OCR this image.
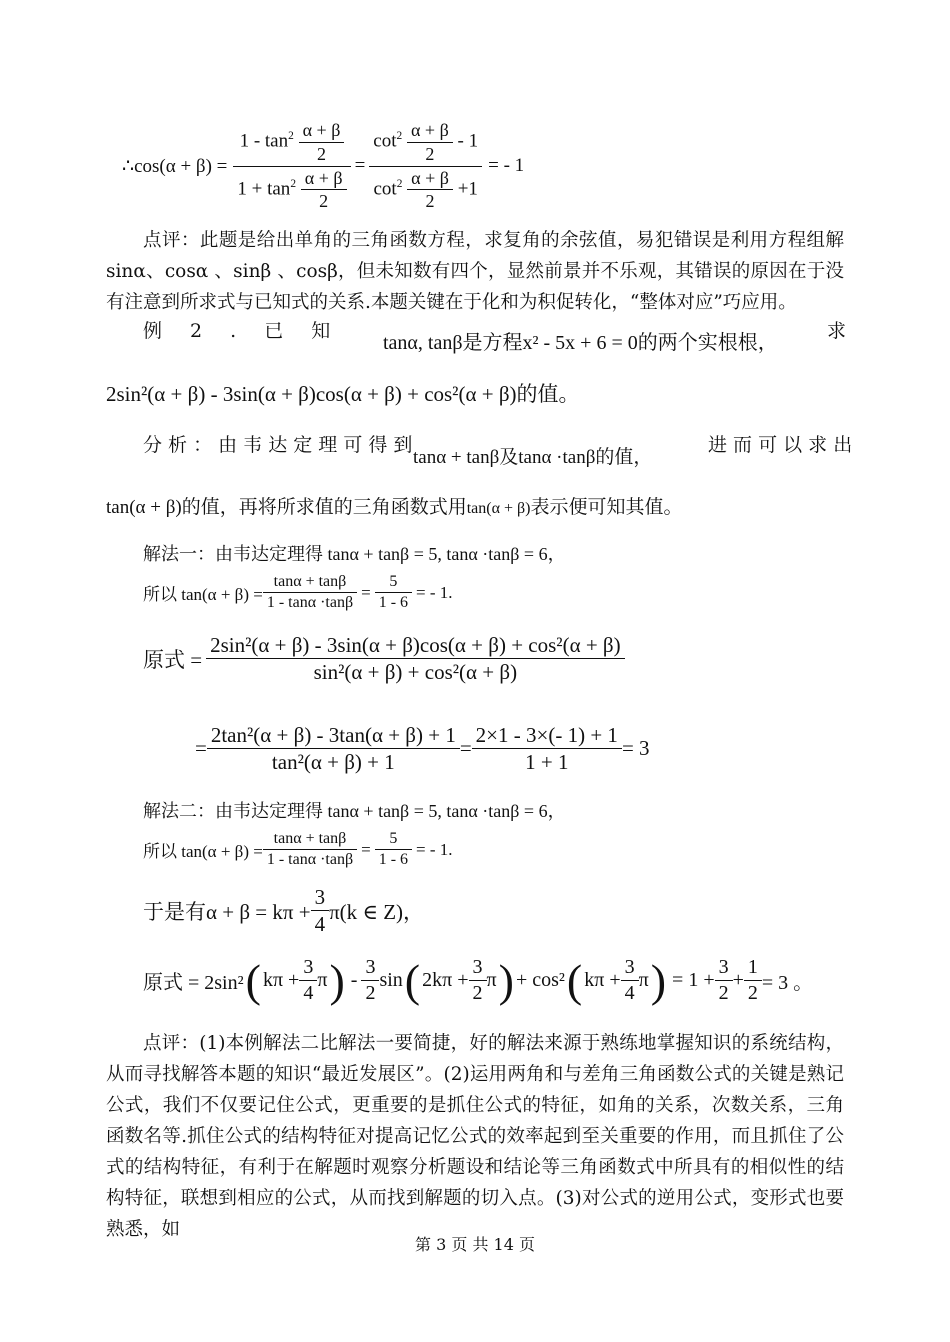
∴cos(α + $\beta) = \frac{1 - \tan^2 \frac{\alpha + \beta}{2}}{1 + \tan^2 \frac{\alpha + \beta}{2}} = \frac{\cot^2 \frac{\alpha + \beta}{2} - 1}{\cot^2 \frac{\alpha + \beta}{2} +1}$ = - 1
点评：此题是给出单角的三角函数方程，求复角的余弦值，易犯错误是利用方程组解sinα、cosα 、sinβ 、cosβ，但未知数有四个，显然前景并不乐观，其错误的原因在于没有注意到所求式与已知式的关系.本题关键在于化和为积促转化，“整体对应”巧应用。
例 2 . 已 知
tanα, tanβ是方程x² - 5x + 6 = 0的两个实根根，
求
2sin²(α + β) - 3sin(α + β)cos(α + β) + cos²(α + β)的值。
分 析 ： 由 韦 达 定 理 可 得 到
tanα + tanβ及tanα ·tanβ的值，
进 而 可 以 求 出
tan(α + β)的值，再将所求值的三角函数式用tan(α + β)表示便可知其值。
解法一：由韦达定理得 tanα + tanβ = 5, tanα ·tanβ = 6，
所以 $\tan(\alpha + \beta) = \frac{\tan\alpha + \tan\beta}{1 - \tan\alpha \cdot\tan\beta} = \frac{5}{1 - 6}$ = - 1.
原式 = $\frac{\text{2sin²(α + β) - 3sin(α + β)cos(α + β) + cos²(α + β)}}{\text{sin²(α + β) + cos²(α + β)}}$
= $\frac{\text{2tan²(α + β) - 3tan(α + β) + 1}}{\text{tan²(α + β) + 1}} = \frac{2\times 1 - 3\times(- 1) + 1}{1 + 1} = 3$
解法二：由韦达定理得 tanα + tanβ = 5, tanα ·tanβ = 6，
所以 $\tan(\alpha + \beta) = \frac{\tan\alpha + \tan\beta}{1 - \tan\alpha \cdot\tan\beta} = \frac{5}{1 - 6}$ = - 1.
于是有$\alpha + \beta = k\pi + \frac{3}{4} \pi(k$ ∈ Z)，
原式 = 2sin² ( $k\pi + \frac{3}{4}$ π ) - $\frac{3}{2}$ sin ( $2k\pi + \frac{3}{2}$ π ) + cos² ( $k\pi + \frac{3}{4}$ π ) = $1 + \frac{3}{2} + \frac{1}{2} = 3$ 。
点评：(1)本例解法二比解法一要简捷，好的解法来源于熟练地掌握知识的系统结构，从而寻找解答本题的知识“最近发展区”。(2)运用两角和与差角三角函数公式的关键是熟记公式，我们不仅要记住公式，更重要的是抓住公式的特征，如角的关系，次数关系，三角函数名等.抓住公式的结构特征对提高记忆公式的效率起到至关重要的作用，而且抓住了公式的结构特征，有利于在解题时观察分析题设和结论等三角函数式中所具有的相似性的结构特征，联想到相应的公式，从而找到解题的切入点。(3)对公式的逆用公式，变形式也要熟悉，如
第 3 页 共 14 页
